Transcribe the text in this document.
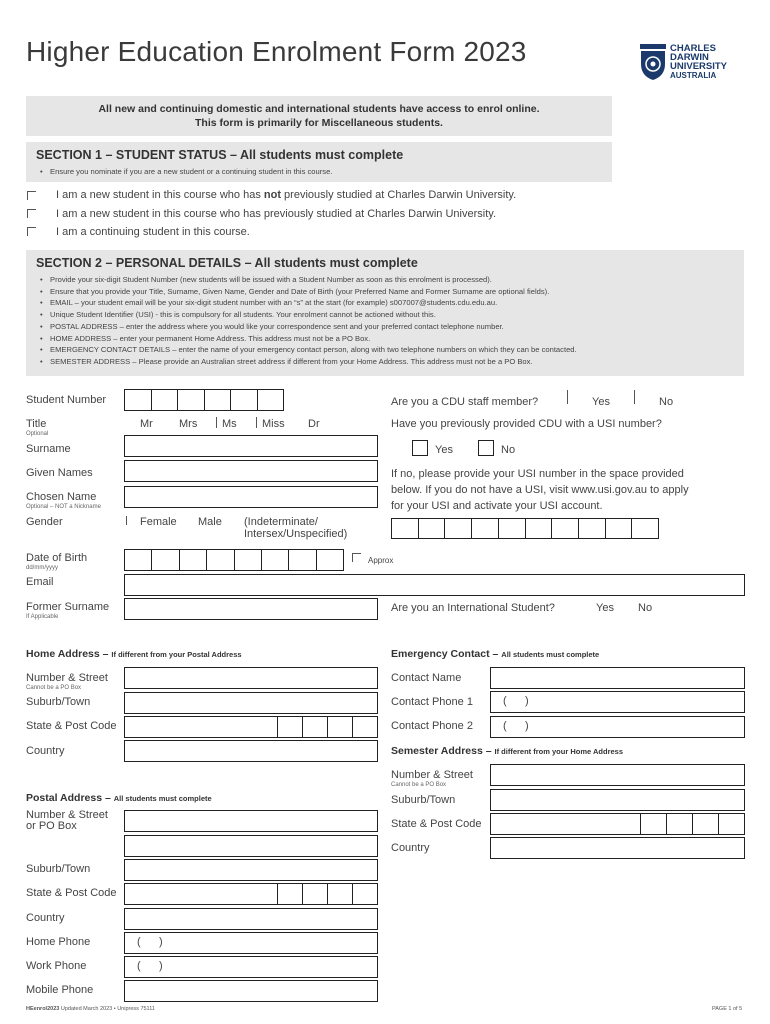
Higher Education Enrolment Form 2023	CHARLES
DARWIN
UNIVERSITY
AUSTRALIA
All new and continuing domestic and international students have access to enrol online.
This form is primarily for Miscellaneous students.
SECTION 1 – STUDENT STATUS – All students must complete
• Ensure you nominate if you are a new student or a continuing student in this course.
I am a new student in this course who has not previously studied at Charles Darwin University.
I am a new student in this course who has previously studied at Charles Darwin University.
I am a continuing student in this course.
SECTION 2 – PERSONAL DETAILS – All students must complete
• Provide your six-digit Student Number (new students will be issued with a Student Number as soon as this enrolment is processed).
• Ensure that you provide your Title, Surname, Given Name, Gender and Date of Birth (your Preferred Name and Former Surname are optional fields).
• EMAIL – your student email will be your six-digit student number with an “s” at the start (for example) s007007@students.cdu.edu.au.
• Unique Student Identifier (USI) - this is compulsory for all students. Your enrolment cannot be actioned without this.
• POSTAL ADDRESS – enter the address where you would like your correspondence sent and your preferred contact telephone number.
• HOME ADDRESS – enter your permanent Home Address. This address must not be a PO Box.
• EMERGENCY CONTACT DETAILS – enter the name of your emergency contact person, along with two telephone numbers on which they can be contacted.
• SEMESTER ADDRESS – Please provide an Australian street address if different from your Home Address. This address must not be a PO Box.
Student Number
Title
Optional
Mr Mrs Ms Miss Dr
Surname
Given Names
Chosen Name
Optional – NOT a Nickname
Gender	Female Male (Indeterminate/
Intersex/Unspecified)
Date of Birth
dd/mm/yyyy
Approx
Email
Former Surname
If Applicable
Are you a CDU staff member?	Yes	No
Have you previously provided CDU with a USI number?
Yes	No
If no, please provide your USI number in the space provided
below. If you do not have a USI, visit www.usi.gov.au to apply
for your USI and activate your USI account.
Are you an International Student?	Yes No
Home Address – If different from your Postal Address
Number & Street
Cannot be a PO Box
Suburb/Town
State & Post Code
Country
Postal Address – All students must complete
Number & Street
or PO Box
Suburb/Town
State & Post Code
Country
Home Phone	(      )
Work Phone	(      )
Mobile Phone
Emergency Contact – All students must complete
Contact Name
Contact Phone 1	(      )
Contact Phone 2	(      )
Semester Address – If different from your Home Address
Number & Street
Cannot be a PO Box
Suburb/Town
State & Post Code
Country
HEenrol2023 Updated March 2023 • Unipress 75111	PAGE 1 of 5
